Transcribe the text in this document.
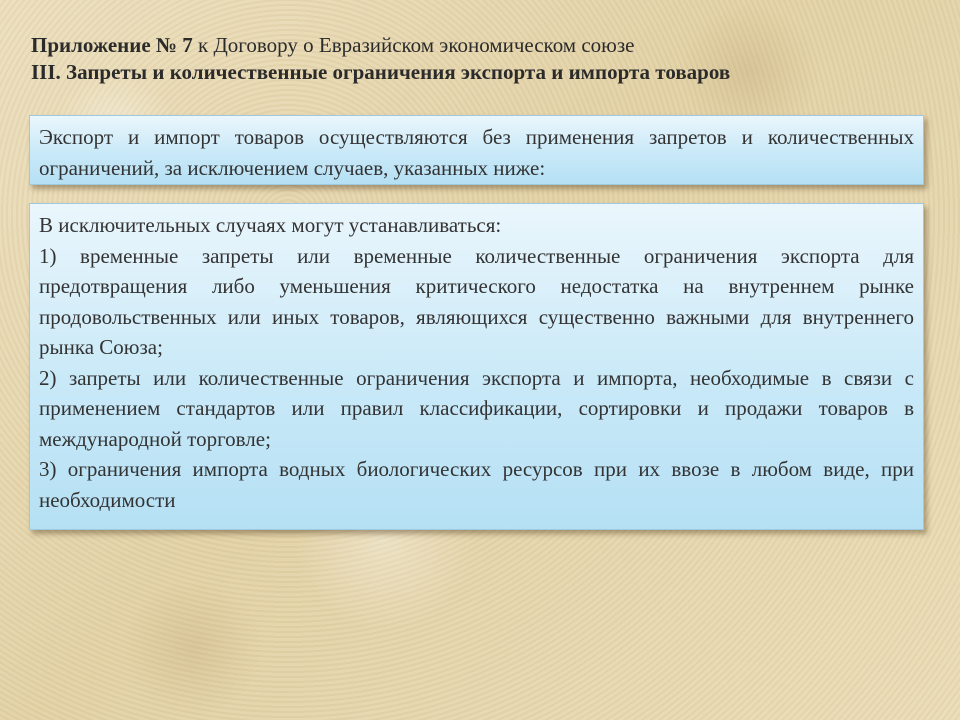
Приложение № 7 к Договору о Евразийском экономическом союзе
III. Запреты и количественные ограничения экспорта и импорта товаров

Экспорт и импорт товаров осуществляются без применения запретов и количественных ограничений, за исключением случаев, указанных ниже:

В исключительных случаях могут устанавливаться:

1) временные запреты или временные количественные ограничения экспорта для предотвращения либо уменьшения критического недостатка на внутреннем рынке продовольственных или иных товаров, являющихся существенно важными для внутреннего рынка Союза;

2) запреты или количественные ограничения экспорта и импорта, необходимые в связи с применением стандартов или правил классификации, сортировки и продажи товаров в международной торговле;

3) ограничения импорта водных биологических ресурсов при их ввозе в любом виде, при необходимости
